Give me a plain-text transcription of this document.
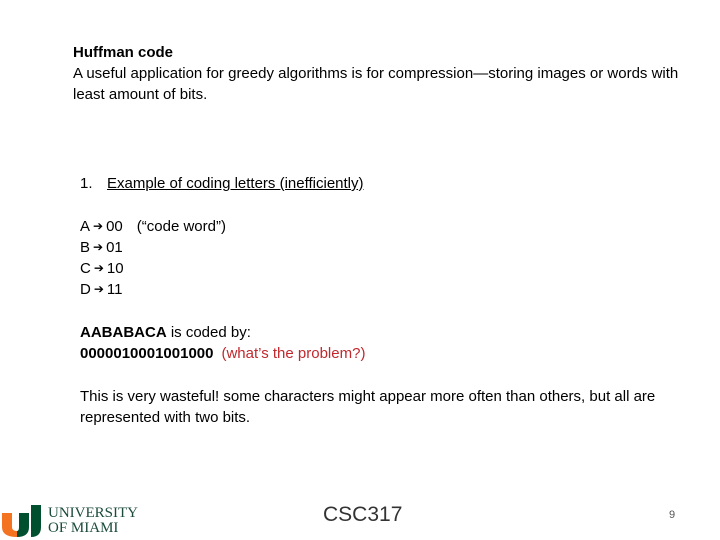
Huffman code
A useful application for greedy algorithms is for compression—storing images or words with least amount of bits.
1. Example of coding letters (inefficiently)
A ➔ 00 (“code word”)
B ➔ 01
C ➔ 10
D ➔ 11
AABABACA is coded by:
0000010001001000 (what’s the problem?)
This is very wasteful! some characters might appear more often than others, but all are represented with two bits.
UNIVERSITY
OF MIAMI
CSC317	9
